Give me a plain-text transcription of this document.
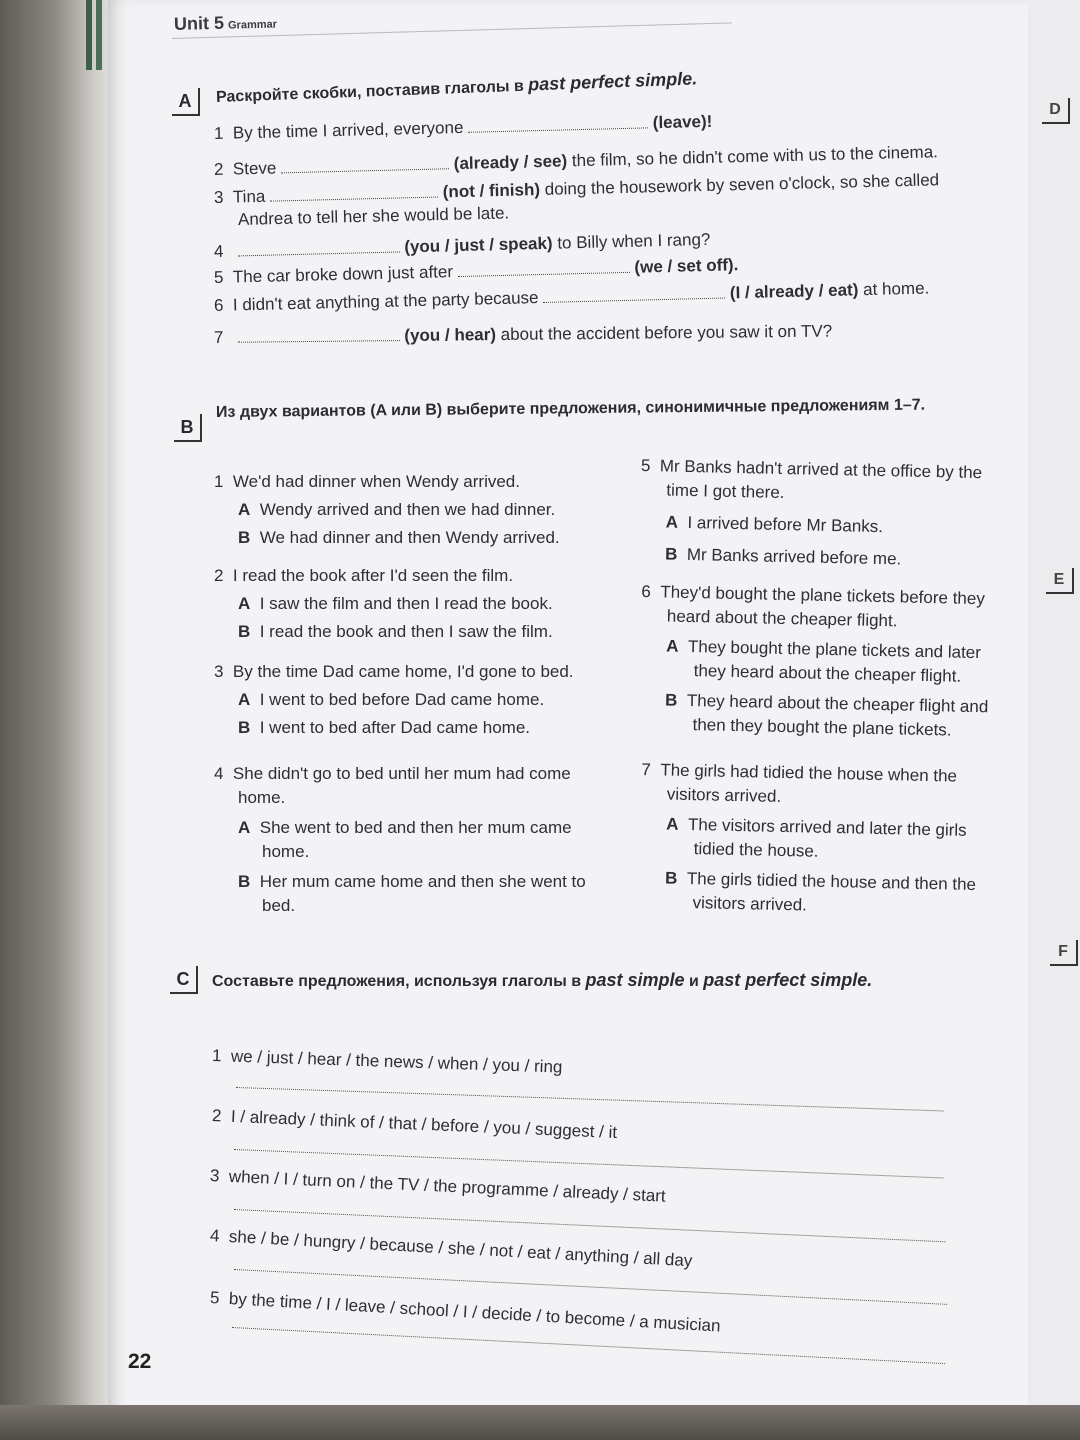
Unit 5 Grammar
D
E
F
A	Раскройте скобки, поставив глаголы в past perfect simple.
1 By the time I arrived, everyone	(leave)!
2 Steve	(already / see) the film, so he didn't come with us to the cinema.
3 Tina	(not / finish) doing the housework by seven o'clock, so she called
Andrea to tell her she would be late.
4	(you / just / speak) to Billy when I rang?
5 The car broke down just after	(we / set off).
6 I didn't eat anything at the party because	(I / already / eat) at home.
7	(you / hear) about the accident before you saw it on TV?
B
Из двух вариантов (A или B) выберите предложения, синонимичные предложениям 1–7.
1 We'd had dinner when Wendy arrived.
A Wendy arrived and then we had dinner.
B We had dinner and then Wendy arrived.
2 I read the book after I'd seen the film.
A I saw the film and then I read the book.
B I read the book and then I saw the film.
3 By the time Dad came home, I'd gone to bed.
A I went to bed before Dad came home.
B I went to bed after Dad came home.
4 She didn't go to bed until her mum had come
home.
A She went to bed and then her mum came
home.
B Her mum came home and then she went to
bed.
5 Mr Banks hadn't arrived at the office by the
time I got there.
A I arrived before Mr Banks.
B Mr Banks arrived before me.
6 They'd bought the plane tickets before they
heard about the cheaper flight.
A They bought the plane tickets and later
they heard about the cheaper flight.
B They heard about the cheaper flight and
then they bought the plane tickets.
7 The girls had tidied the house when the
visitors arrived.
A The visitors arrived and later the girls
tidied the house.
B The girls tidied the house and then the
visitors arrived.
C	Составьте предложения, используя глаголы в past simple и past perfect simple.
1 we / just / hear / the news / when / you / ring
2 I / already / think of / that / before / you / suggest / it
3 when / I / turn on / the TV / the programme / already / start
4 she / be / hungry / because / she / not / eat / anything / all day
5 by the time / I / leave / school / I / decide / to become / a musician
22
